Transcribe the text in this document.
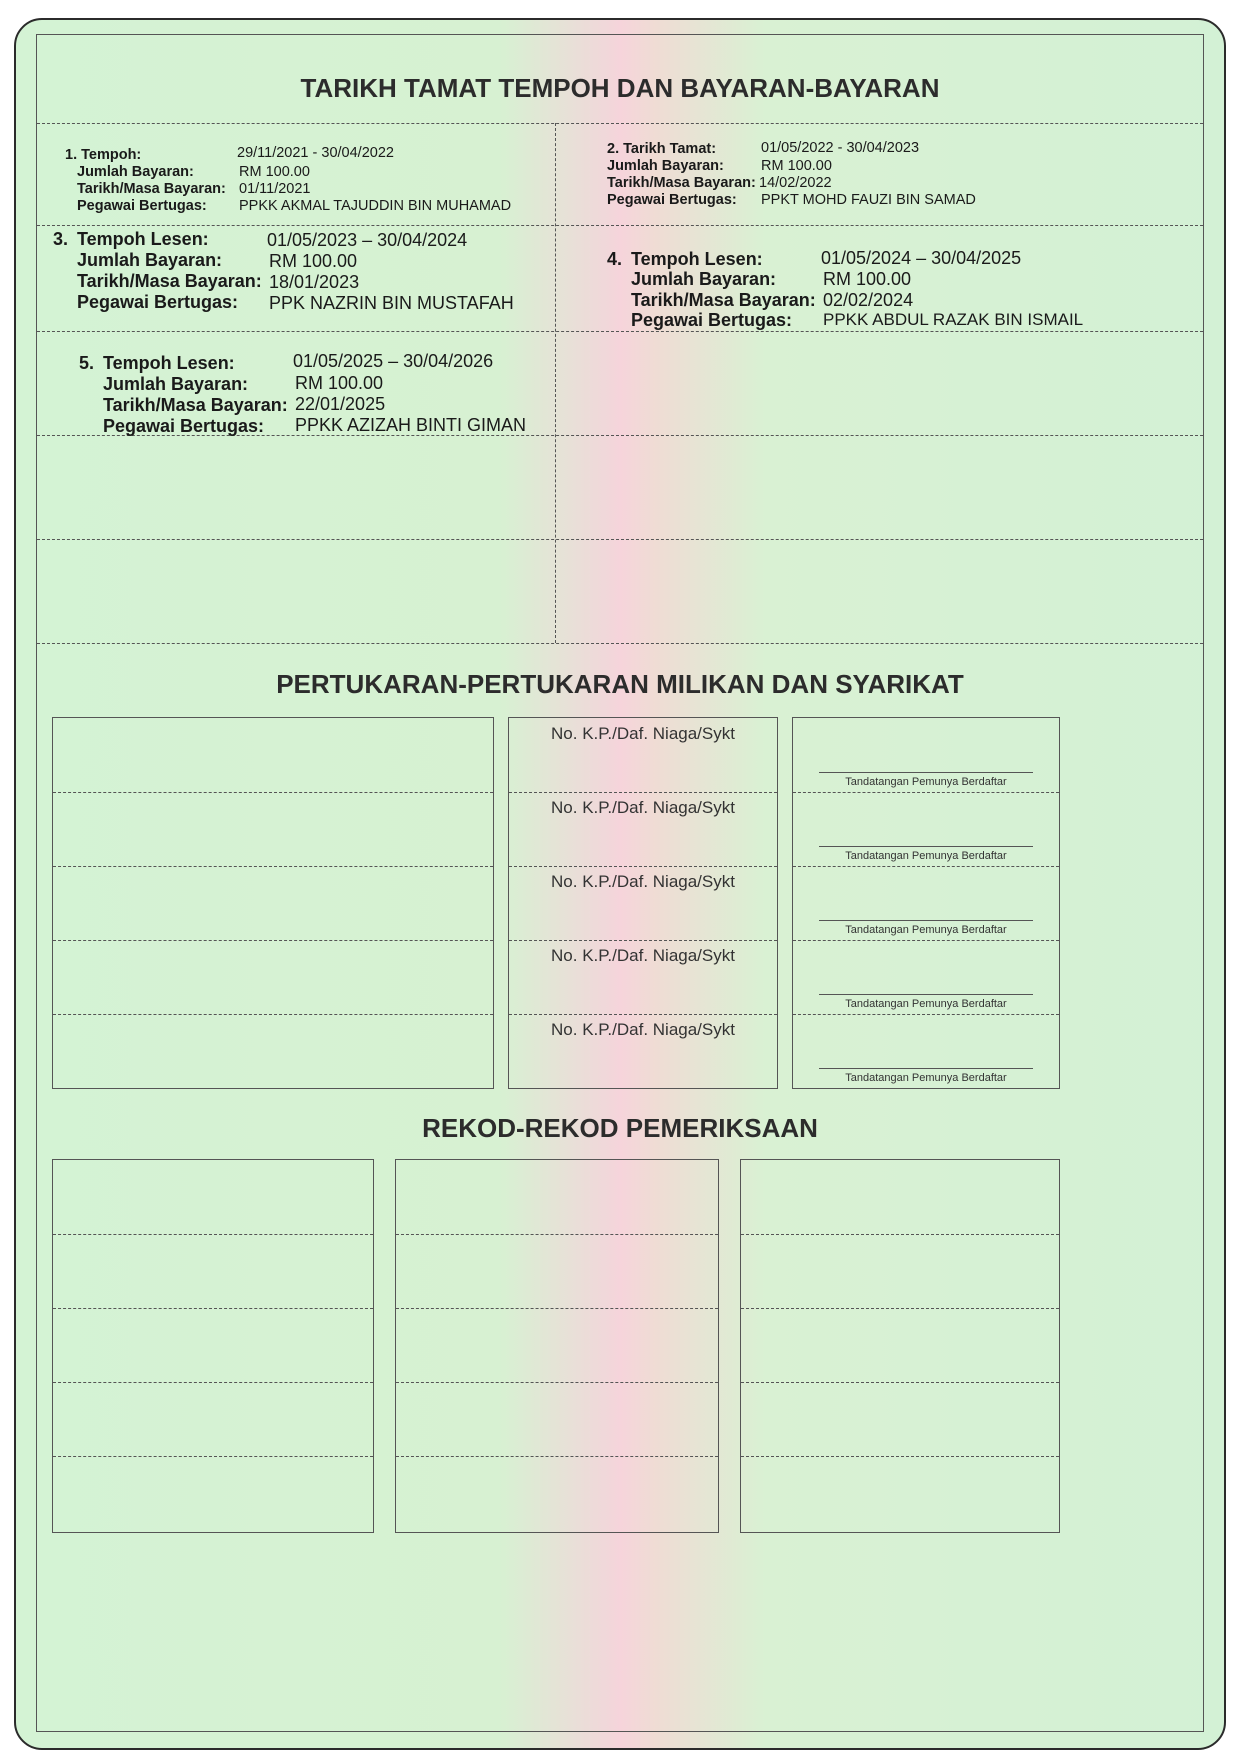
TARIKH TAMAT TEMPOH DAN BAYARAN-BAYARAN
1. Tempoh:	29/11/2021 - 30/04/2022
Jumlah Bayaran:	RM 100.00
Tarikh/Masa Bayaran: 01/11/2021
Pegawai Bertugas: PPKK AKMAL TAJUDDIN BIN MUHAMAD
2. Tarikh Tamat:	01/05/2022 - 30/04/2023
Jumlah Bayaran:	RM 100.00
Tarikh/Masa Bayaran: 14/02/2022
Pegawai Bertugas: PPKT MOHD FAUZI BIN SAMAD
3. Tempoh Lesen:	01/05/2023 – 30/04/2024
Jumlah Bayaran:	RM 100.00
Tarikh/Masa Bayaran: 18/01/2023
Pegawai Bertugas: PPK NAZRIN BIN MUSTAFAH
4. Tempoh Lesen:	01/05/2024 – 30/04/2025
Jumlah Bayaran:	RM 100.00
Tarikh/Masa Bayaran: 02/02/2024
Pegawai Bertugas: PPKK ABDUL RAZAK BIN ISMAIL
5. Tempoh Lesen:	01/05/2025 – 30/04/2026
Jumlah Bayaran:	RM 100.00
Tarikh/Masa Bayaran: 22/01/2025
Pegawai Bertugas: PPKK AZIZAH BINTI GIMAN
PERTUKARAN-PERTUKARAN MILIKAN DAN SYARIKAT
No. K.P./Daf. Niaga/Sykt
No. K.P./Daf. Niaga/Sykt
No. K.P./Daf. Niaga/Sykt
No. K.P./Daf. Niaga/Sykt
No. K.P./Daf. Niaga/Sykt
Tandatangan Pemunya Berdaftar
Tandatangan Pemunya Berdaftar
Tandatangan Pemunya Berdaftar
Tandatangan Pemunya Berdaftar
Tandatangan Pemunya Berdaftar
REKOD-REKOD PEMERIKSAAN
